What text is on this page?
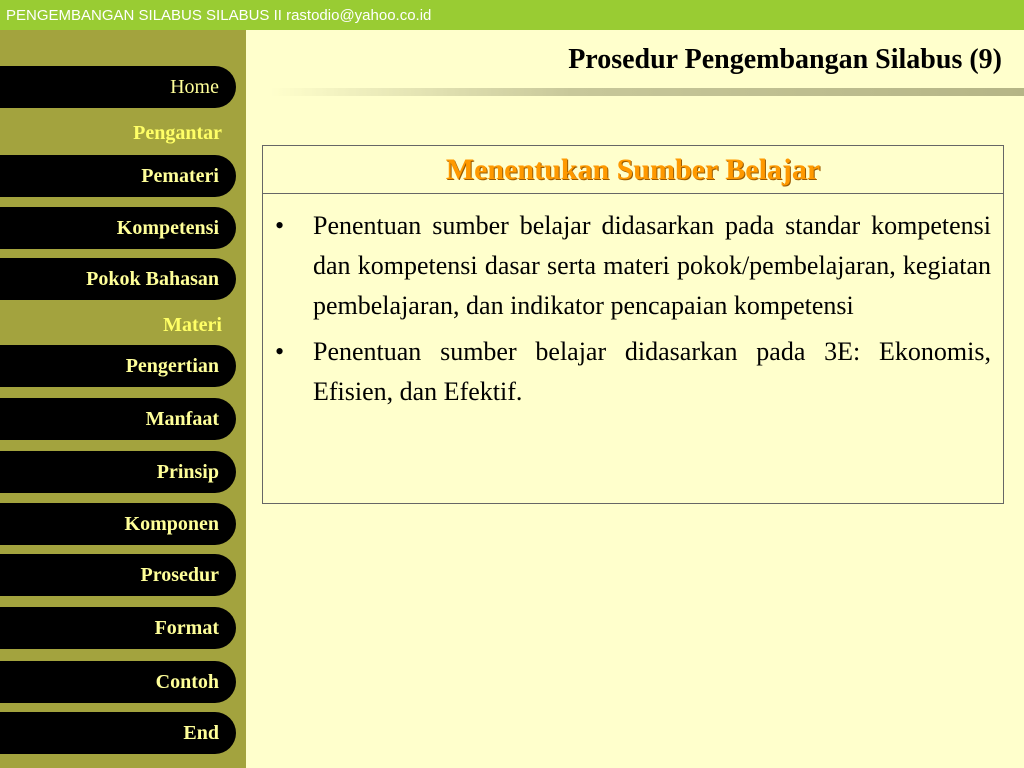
PENGEMBANGAN SILABUS SILABUS II rastodio@yahoo.co.id
Home
Pengantar
Pemateri
Kompetensi
Pokok Bahasan
Materi
Pengertian
Manfaat
Prinsip
Komponen
Prosedur
Format
Contoh
End
Prosedur Pengembangan Silabus (9)
Menentukan Sumber Belajar
• Penentuan sumber belajar didasarkan pada standar kompetensi dan kompetensi dasar serta materi pokok/pembelajaran, kegiatan pembelajaran, dan indikator pencapaian kompetensi
• Penentuan sumber belajar didasarkan pada 3E: Ekonomis, Efisien, dan Efektif.
